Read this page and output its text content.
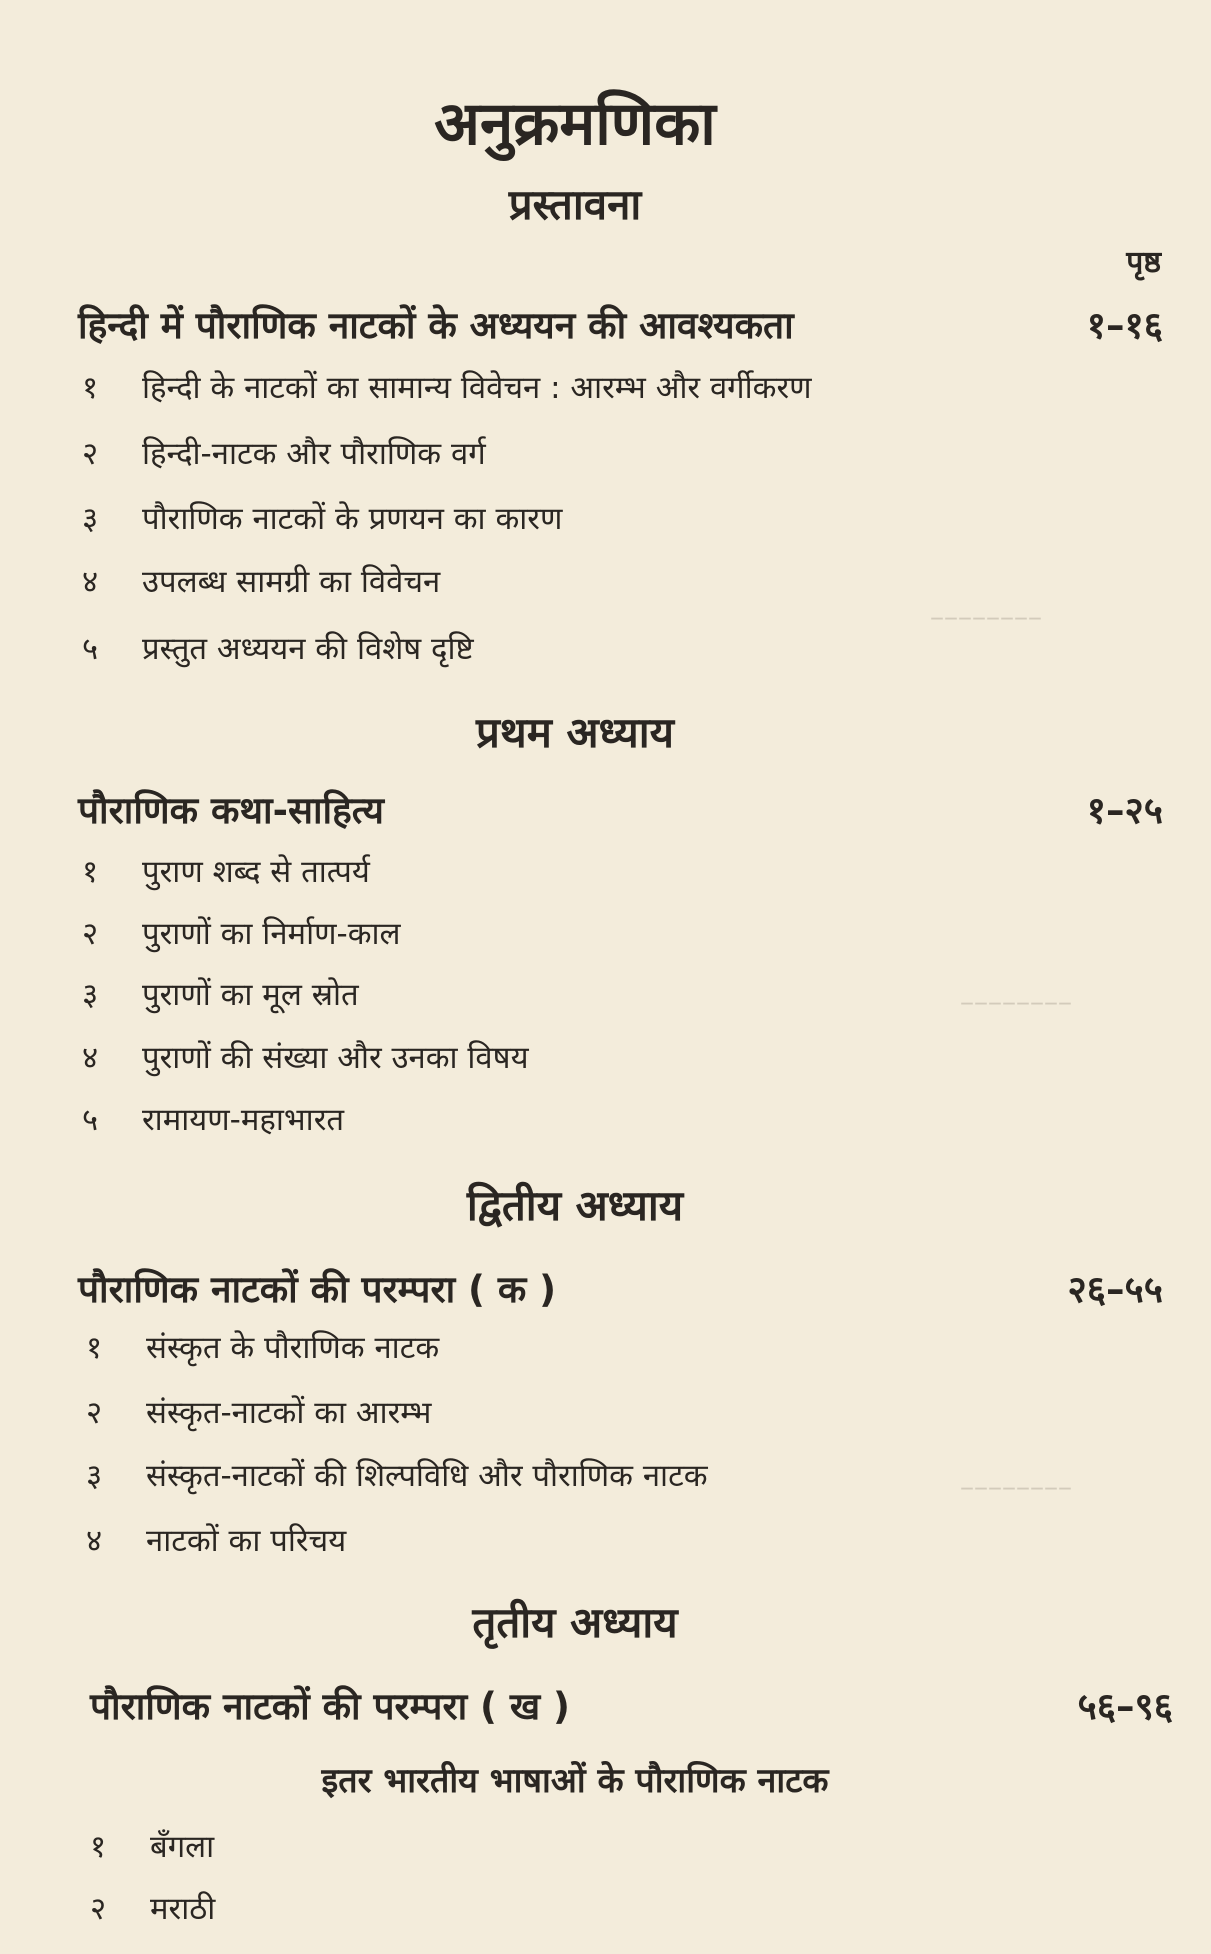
––––––––
––––––––
––––––––
अनुक्रमणिका
प्रस्तावना
पृष्ठ
हिन्दी में पौराणिक नाटकों के अध्ययन की आवश्यकता	१–१६
१ हिन्दी के नाटकों का सामान्य विवेचन : आरम्भ और वर्गीकरण
२ हिन्दी-नाटक और पौराणिक वर्ग
३ पौराणिक नाटकों के प्रणयन का कारण
४ उपलब्ध सामग्री का विवेचन
५ प्रस्तुत अध्ययन की विशेष दृष्टि
प्रथम अध्याय
पौराणिक कथा-साहित्य	१–२५
१ पुराण शब्द से तात्पर्य
२ पुराणों का निर्माण-काल
३ पुराणों का मूल स्रोत
४ पुराणों की संख्या और उनका विषय
५ रामायण-महाभारत
द्वितीय अध्याय
पौराणिक नाटकों की परम्परा ( क )	२६–५५
१ संस्कृत के पौराणिक नाटक
२ संस्कृत-नाटकों का आरम्भ
३ संस्कृत-नाटकों की शिल्पविधि और पौराणिक नाटक
४ नाटकों का परिचय
तृतीय अध्याय
पौराणिक नाटकों की परम्परा ( ख )	५६–९६
इतर भारतीय भाषाओं के पौराणिक नाटक
१ बँगला
२ मराठी
